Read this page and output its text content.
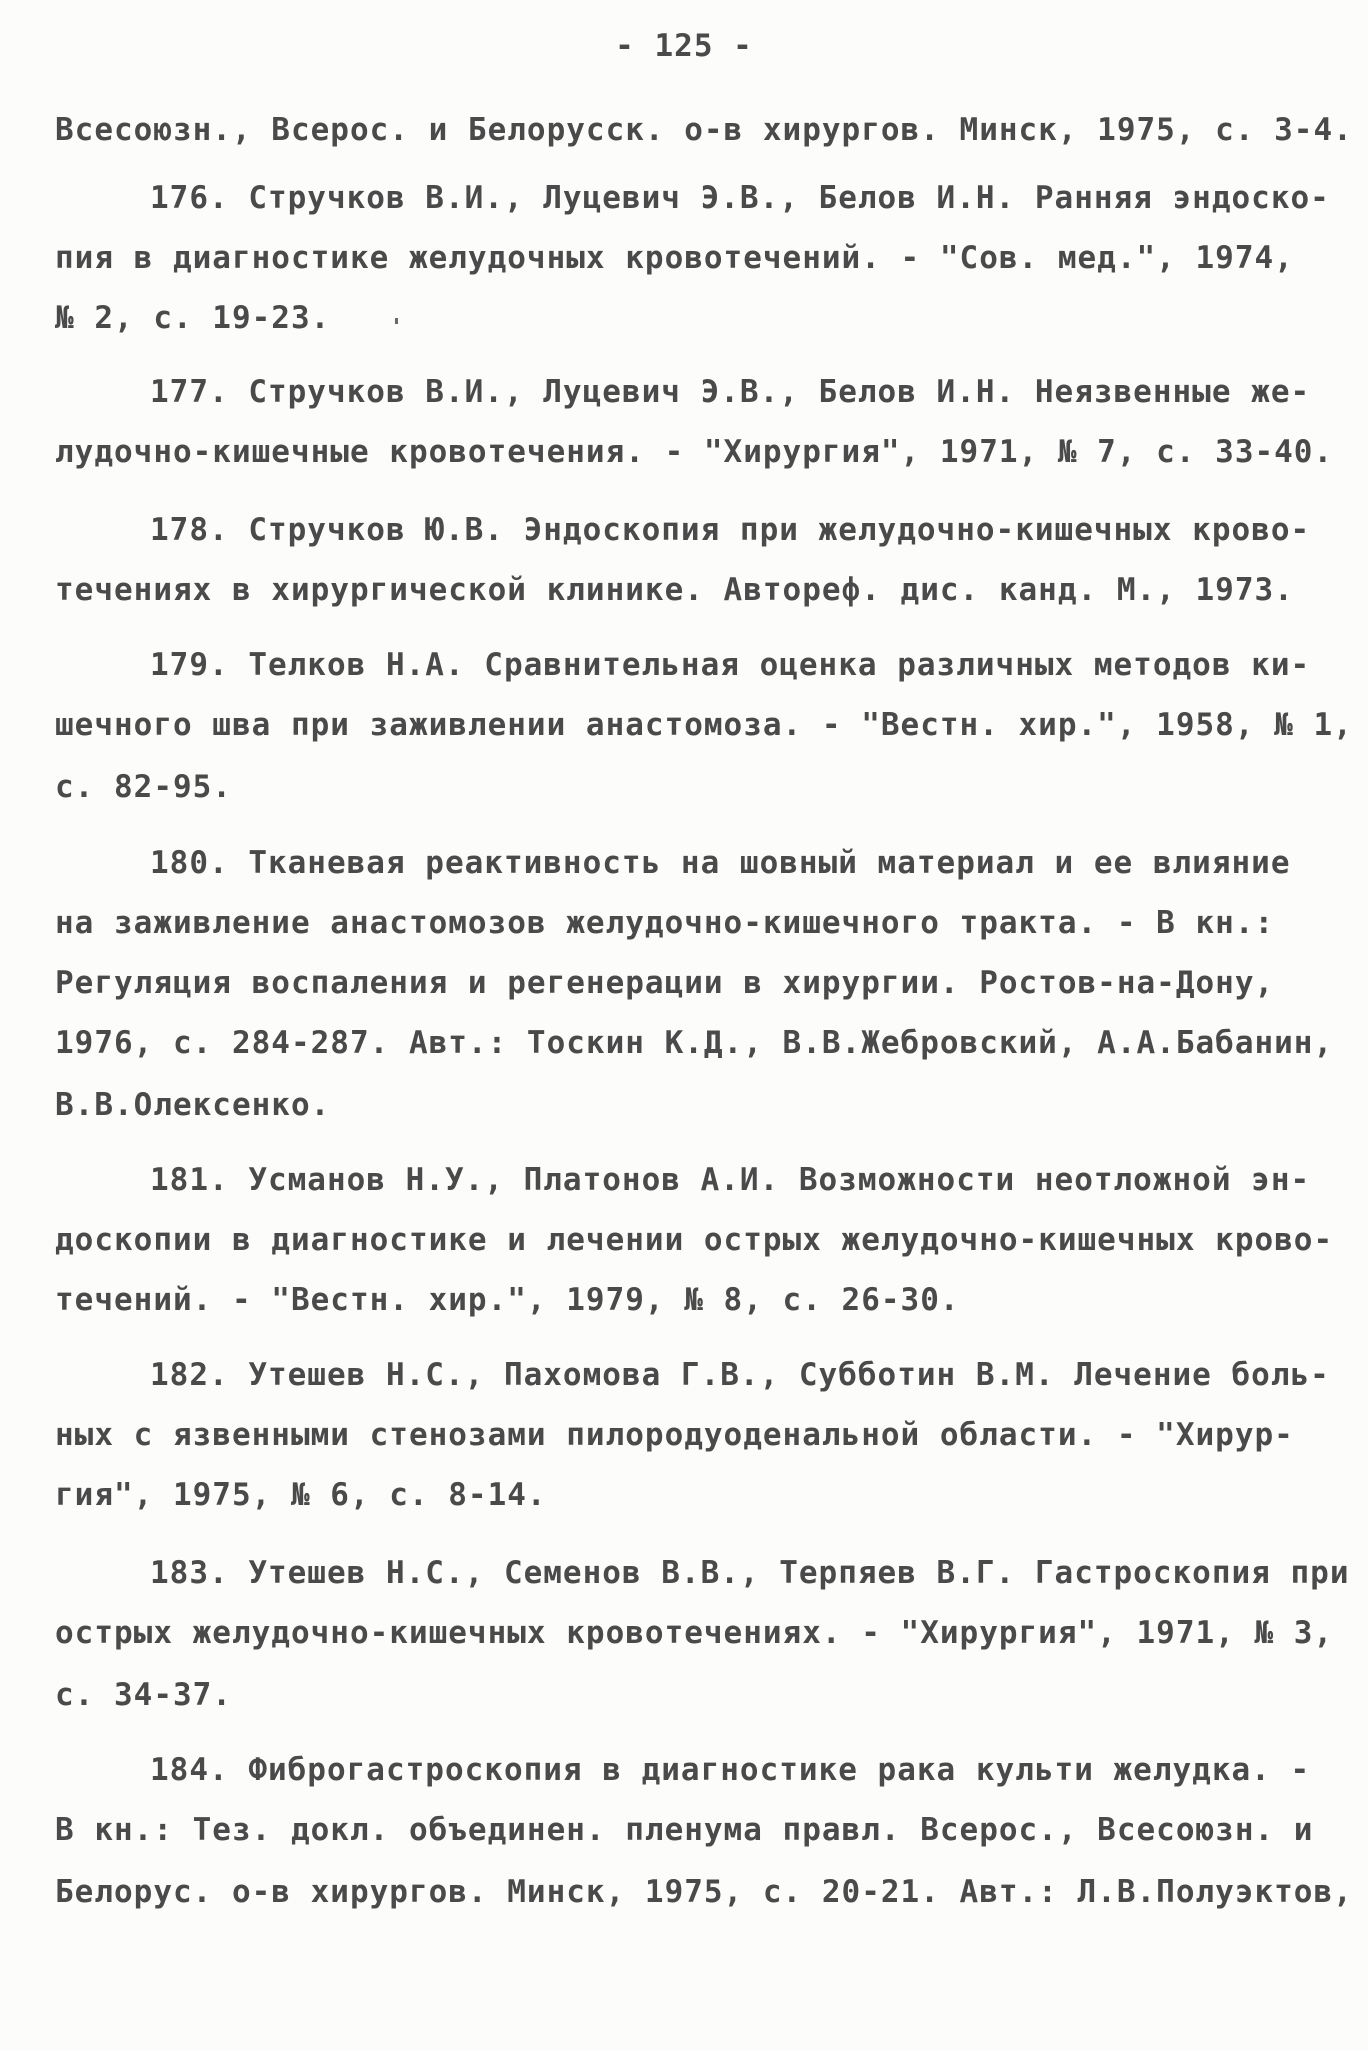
- 125 -
Всесоюзн., Всерос. и Белорусск. о-в хирургов. Минск, 1975, с. 3-4.
176. Стручков В.И., Луцевич Э.В., Белов И.Н. Ранняя эндоско-
пия в диагностике желудочных кровотечений. - "Сов. мед.", 1974,
№ 2, с. 19-23.
177. Стручков В.И., Луцевич Э.В., Белов И.Н. Неязвенные же-
лудочно-кишечные кровотечения. - "Хирургия", 1971, № 7, с. 33-40.
178. Стручков Ю.В. Эндоскопия при желудочно-кишечных крово-
течениях в хирургической клинике. Автореф. дис. канд. М., 1973.
179. Телков Н.А. Сравнительная оценка различных методов ки-
шечного шва при заживлении анастомоза. - "Вестн. хир.", 1958, № 1,
с. 82-95.
180. Тканевая реактивность на шовный материал и ее влияние
на заживление анастомозов желудочно-кишечного тракта. - В кн.:
Регуляция воспаления и регенерации в хирургии. Ростов-на-Дону,
1976, с. 284-287. Авт.: Тоскин К.Д., В.В.Жебровский, А.А.Бабанин,
В.В.Олексенко.
181. Усманов Н.У., Платонов А.И. Возможности неотложной эн-
доскопии в диагностике и лечении острых желудочно-кишечных крово-
течений. - "Вестн. хир.", 1979, № 8, с. 26-30.
182. Утешев Н.С., Пахомова Г.В., Субботин В.М. Лечение боль-
ных с язвенными стенозами пилородуоденальной области. - "Хирур-
гия", 1975, № 6, с. 8-14.
183. Утешев Н.С., Семенов В.В., Терпяев В.Г. Гастроскопия при
острых желудочно-кишечных кровотечениях. - "Хирургия", 1971, № 3,
с. 34-37.
184. Фиброгастроскопия в диагностике рака культи желудка. -
В кн.: Тез. докл. объединен. пленума правл. Всерос., Всесоюзн. и
Белорус. о-в хирургов. Минск, 1975, с. 20-21. Авт.: Л.В.Полуэктов,
